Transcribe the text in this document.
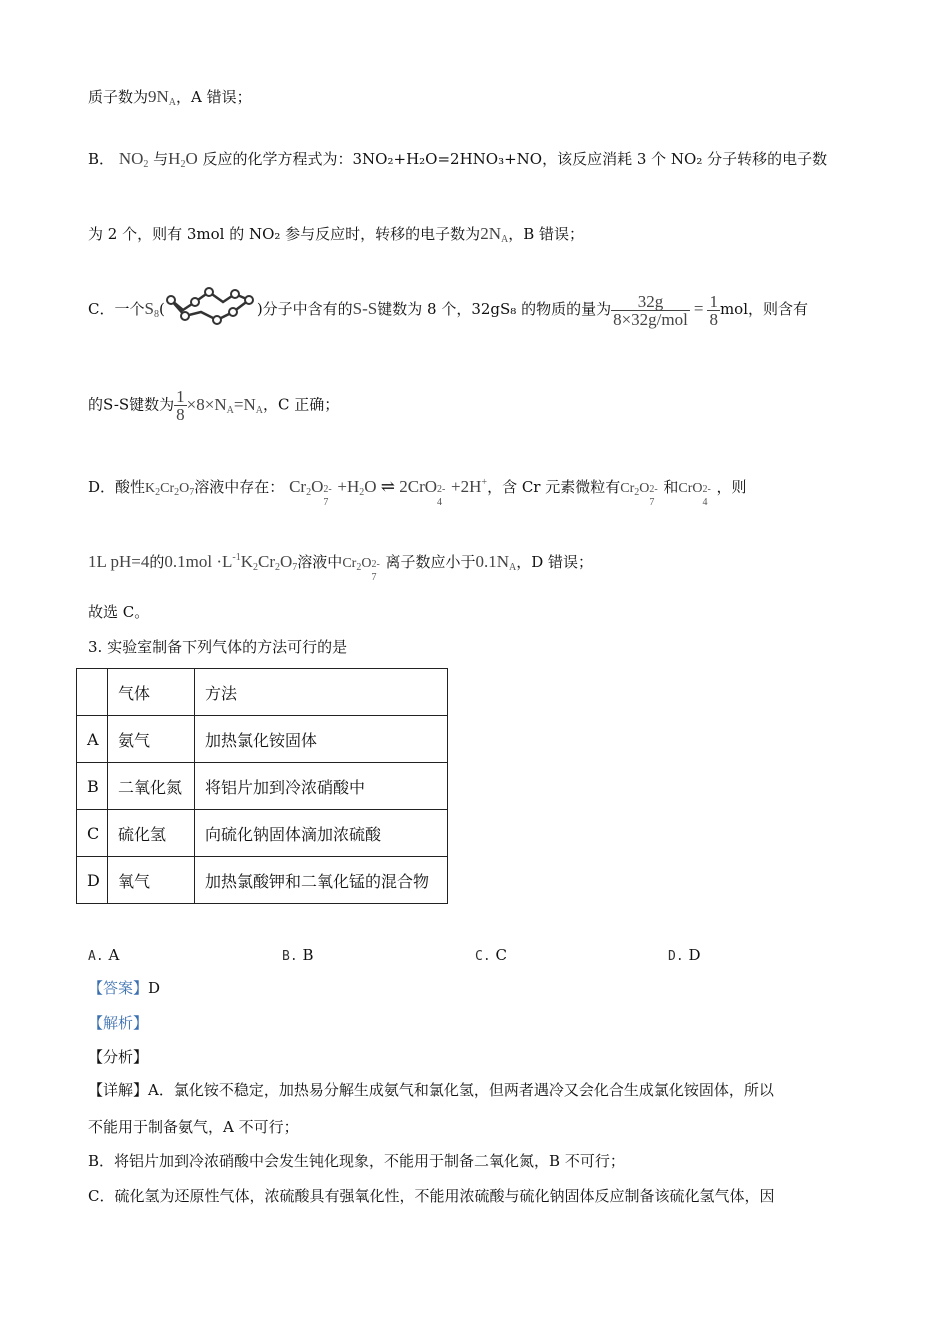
质子数为9NA，A 错误；
B． NO2 与H2O 反应的化学方程式为：3NO₂+H₂O=2HNO₃+NO，该反应消耗 3 个 NO₂ 分子转移的电子数
为 2 个，则有 3mol 的 NO₂ 参与反应时，转移的电子数为2NA，B 错误；
C．一个S8(	)分子中含有的S-S键数为 8 个，32gS₈ 的物质的量为 $\frac{32g}{\text{8×32g/mol}} = \frac{1}{8}$ mol，则含有
的S-S键数为 $\frac{1}{8} \times 8\times NA=NA$，C 正确；
D．酸性$K_2Cr_2O_7$溶液中存在： Cr2O 2-
7
+H2O ⇌ 2CrO 2-
4
+2H+，含 Cr 元素微粒有$Cr_2O$ 2-
7
和CrO 2-
4
，则
1L pH=4的$0.1mol \cdot L^{-1}K2Cr2O7$溶液中$Cr_2O$ 2-
7
离子数应小于0.1NA，D 错误；
故选 C。
3. 实验室制备下列气体的方法可行的是
	气体	方法
A	氨气	加热氯化铵固体
B	二氧化氮	将铝片加到冷浓硝酸中
C	硫化氢	向硫化钠固体滴加浓硫酸
D	氧气	加热氯酸钾和二氧化锰的混合物
A. A	B. B	C. C	D. D
【答案】D
【解析】
【分析】
【详解】A．氯化铵不稳定，加热易分解生成氨气和氯化氢，但两者遇冷又会化合生成氯化铵固体，所以
不能用于制备氨气，A 不可行；
B．将铝片加到冷浓硝酸中会发生钝化现象，不能用于制备二氧化氮，B 不可行；
C．硫化氢为还原性气体，浓硫酸具有强氧化性，不能用浓硫酸与硫化钠固体反应制备该硫化氢气体，因
